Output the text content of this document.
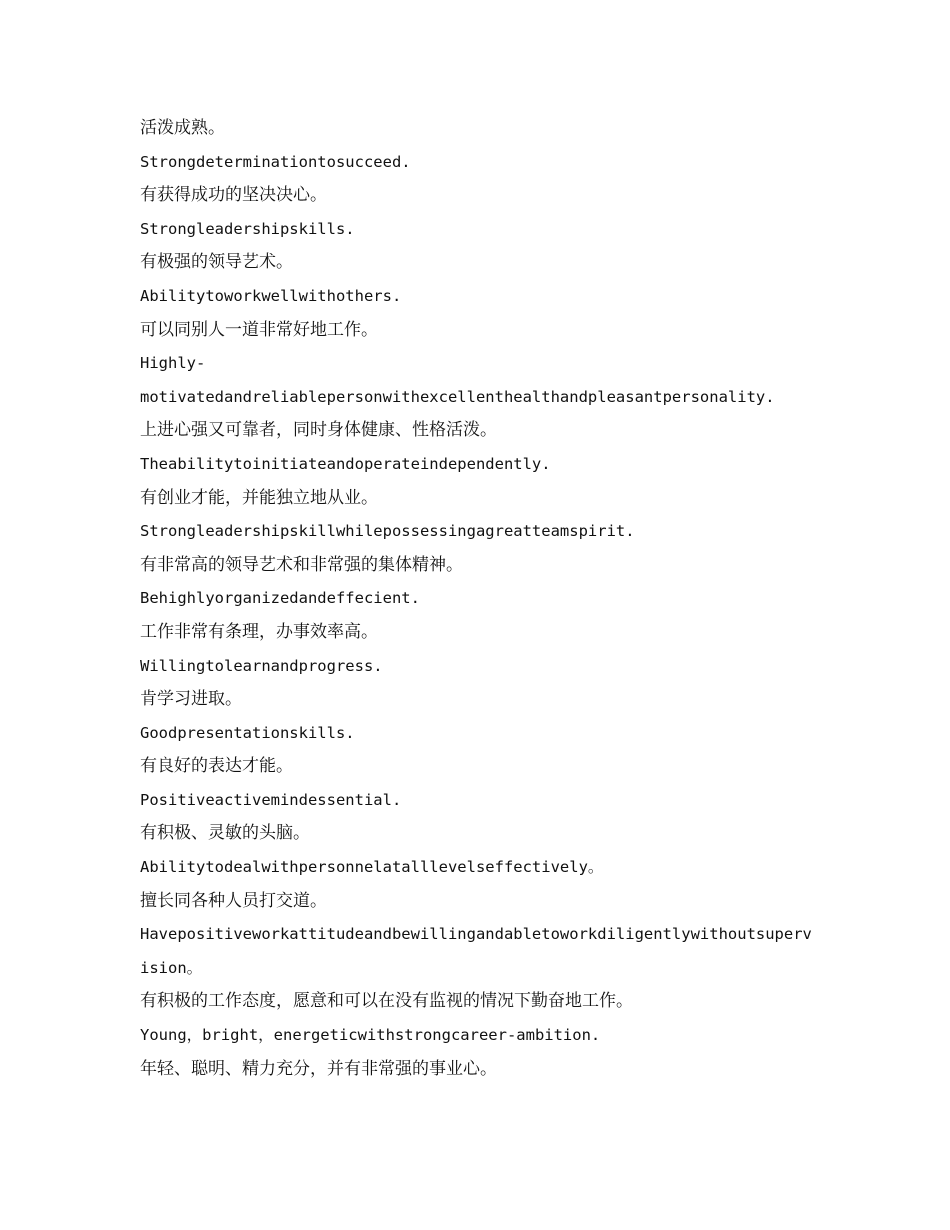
活泼成熟。
Strongdeterminationtosucceed.
有获得成功的坚决决心。
Strongleadershipskills.
有极强的领导艺术。
Abilitytoworkwellwithothers.
可以同别人一道非常好地工作。
Highly-
motivatedandreliablepersonwithexcellenthealthandpleasantpersonality.
上进心强又可靠者，同时身体健康、性格活泼。
Theabilitytoinitiateandoperateindependently.
有创业才能，并能独立地从业。
Strongleadershipskillwhilepossessingagreatteamspirit.
有非常高的领导艺术和非常强的集体精神。
Behighlyorganizedandeffecient.
工作非常有条理，办事效率高。
Willingtolearnandprogress.
肯学习进取。
Goodpresentationskills.
有良好的表达才能。
Positiveactivemindessential.
有积极、灵敏的头脑。
Abilitytodealwithpersonnelatalllevelseffectively。
擅长同各种人员打交道。
Havepositiveworkattitudeandbewillingandabletoworkdiligentlywithoutsuperv
ision。
有积极的工作态度，愿意和可以在没有监视的情况下勤奋地工作。
Young，bright，energeticwithstrongcareer-ambition.
年轻、聪明、精力充分，并有非常强的事业心。
